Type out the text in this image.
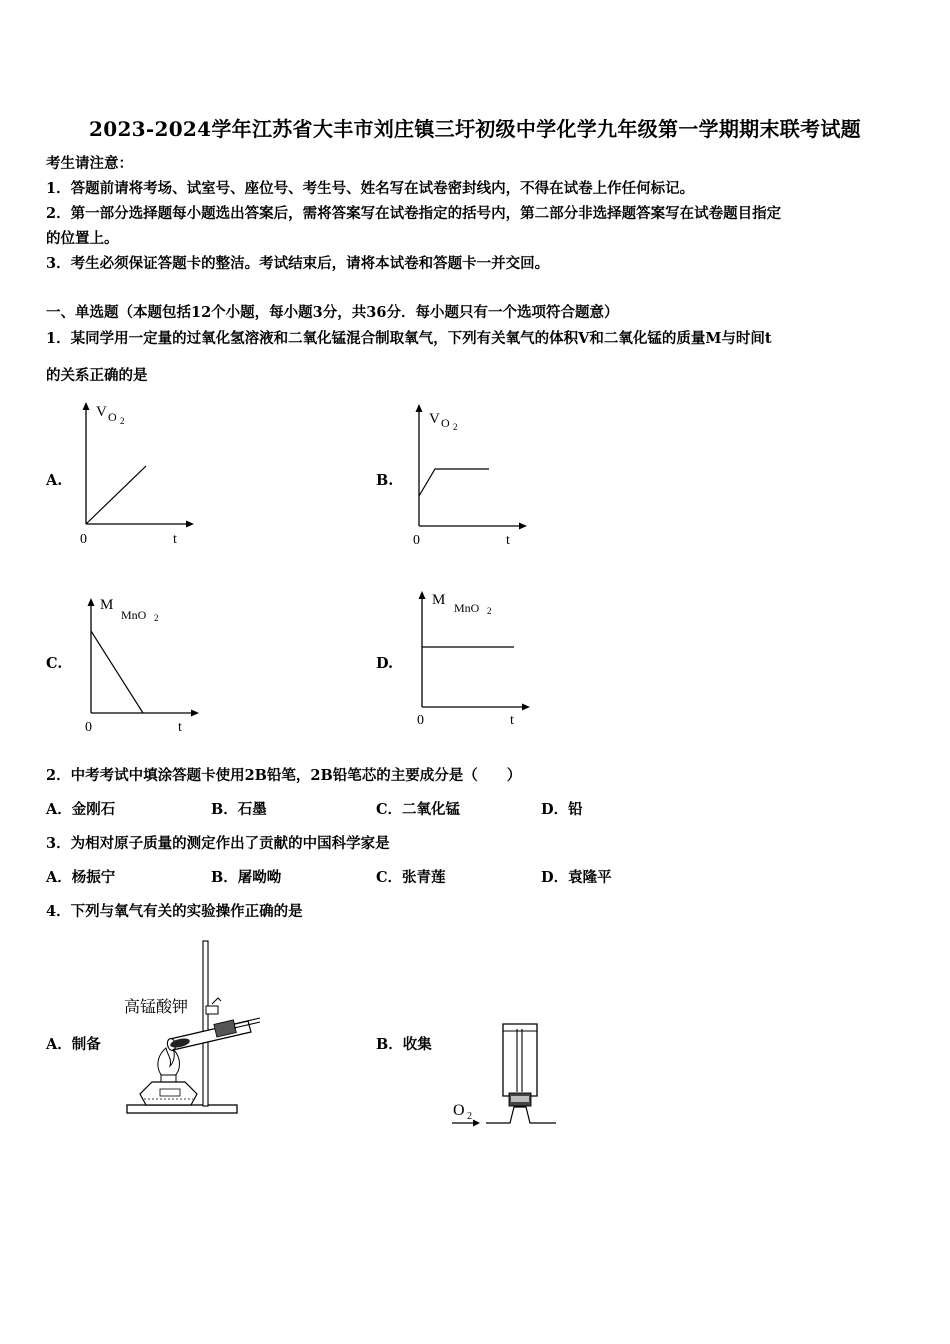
2023-2024学年江苏省大丰市刘庄镇三圩初级中学化学九年级第一学期期末联考试题
考生请注意：
1．答题前请将考场、试室号、座位号、考生号、姓名写在试卷密封线内，不得在试卷上作任何标记。
2．第一部分选择题每小题选出答案后，需将答案写在试卷指定的括号内，第二部分非选择题答案写在试卷题目指定
的位置上。
3．考生必须保证答题卡的整洁。考试结束后，请将本试卷和答题卡一并交回。
一、单选题（本题包括12个小题，每小题3分，共36分．每小题只有一个选项符合题意）
1．某同学用一定量的过氧化氢溶液和二氧化锰混合制取氧气，下列有关氧气的体积V和二氧化锰的质量M与时间t
的关系正确的是
A.	B.
C.	D.
V O 2
0	t
V O 2
0	t
M
MnO 2
0	t
M MnO 2
0	t
2．中考考试中填涂答题卡使用2B铅笔，2B铅笔芯的主要成分是（　　）
A．金刚石	B．石墨	C．二氧化锰	D．铅
3．为相对原子质量的测定作出了贡献的中国科学家是
A．杨振宁	B．屠呦呦	C．张青莲	D．袁隆平
4．下列与氧气有关的实验操作正确的是
A．制备	B．收集
高锰酸钾
O 2
